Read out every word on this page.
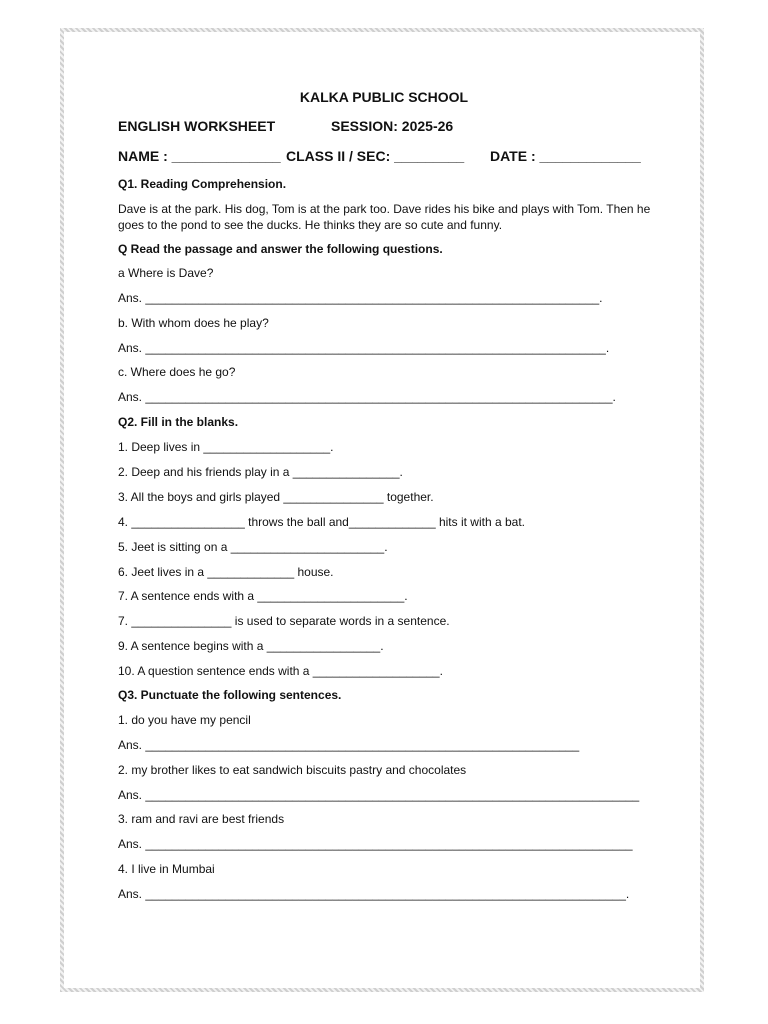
KALKA PUBLIC SCHOOL
ENGLISH WORKSHEET	SESSION: 2025-26
NAME : ______________ CLASS II / SEC: _________ DATE : _____________
Q1. Reading Comprehension.
Dave is at the park. His dog, Tom is at the park too. Dave rides his bike and plays with Tom. Then he goes to the pond to see the ducks. He thinks they are so cute and funny.
Q Read the passage and answer the following questions.
a Where is Dave?
Ans. ____________________________________________________________________.
b. With whom does he play?
Ans. _____________________________________________________________________.
c. Where does he go?
Ans. ______________________________________________________________________.
Q2. Fill in the blanks.
1. Deep lives in ___________________.
2. Deep and his friends play in a ________________.
3. All the boys and girls played _______________ together.
4. _________________ throws the ball and_____________ hits it with a bat.
5. Jeet is sitting on a _______________________.
6. Jeet lives in a _____________ house.
7. A sentence ends with a ______________________.
7. _______________ is used to separate words in a sentence.
9. A sentence begins with a _________________.
10. A question sentence ends with a ___________________.
Q3. Punctuate the following sentences.
1. do you have my pencil
Ans. _________________________________________________________________
2. my brother likes to eat sandwich biscuits pastry and chocolates
Ans. __________________________________________________________________________
3. ram and ravi are best friends
Ans. _________________________________________________________________________
4. I live in Mumbai
Ans. ________________________________________________________________________.
